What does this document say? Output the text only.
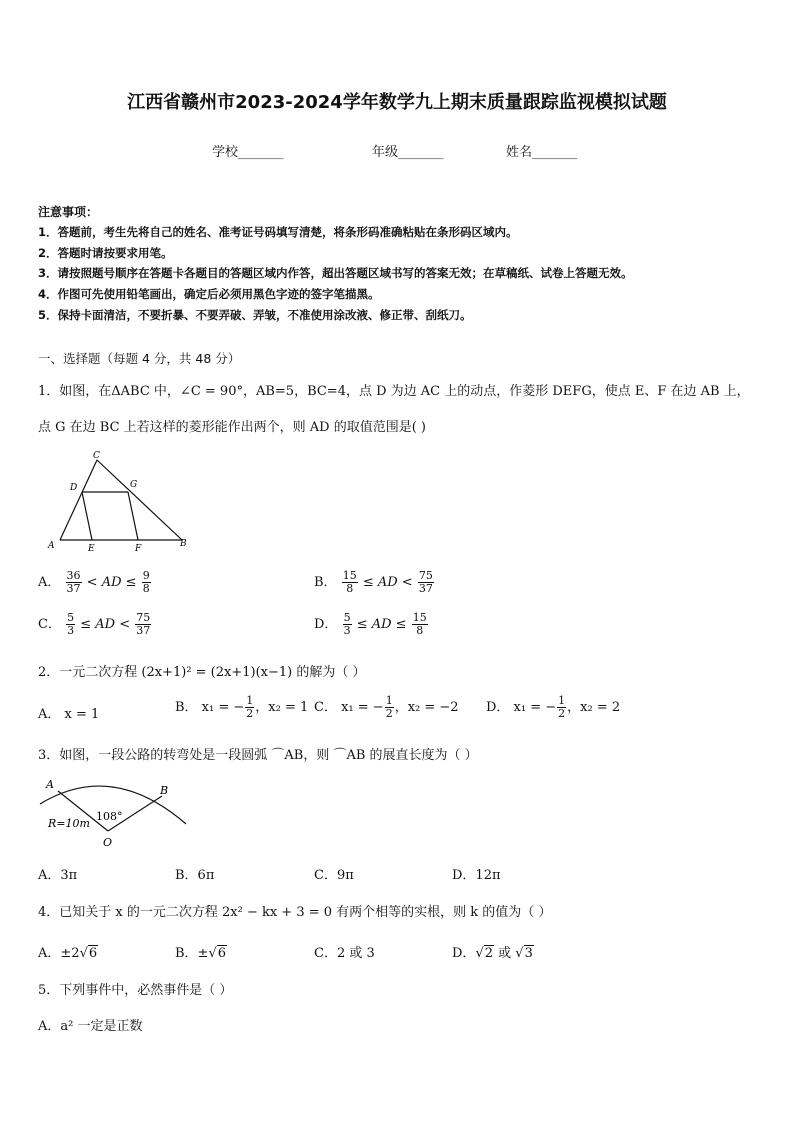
江西省赣州市2023-2024学年数学九上期末质量跟踪监视模拟试题
学校_______	年级_______	姓名_______
注意事项：
1．答题前，考生先将自己的姓名、准考证号码填写清楚，将条形码准确粘贴在条形码区域内。
2．答题时请按要求用笔。
3．请按照题号顺序在答题卡各题目的答题区域内作答，超出答题区域书写的答案无效；在草稿纸、试卷上答题无效。
4．作图可先使用铅笔画出，确定后必须用黑色字迹的签字笔描黑。
5．保持卡面清洁，不要折暴、不要弄破、弄皱，不准使用涂改液、修正带、刮纸刀。
一、选择题（每题 4 分，共 48 分）
1．如图，在ΔABC 中，∠C = 90°，AB=5，BC=4，点 D 为边 AC 上的动点，作菱形 DEFG，使点 E、F 在边 AB 上，
点 G 在边 BC 上若这样的菱形能作出两个，则 AD 的取值范围是( )
C
D	G
A	E	F	B
A． $\frac{36}{37}$ < AD ≤ $\frac{9}{8}$	B． $\frac{15}{8}$ ≤ AD < $\frac{75}{37}$
C． $\frac{5}{3}$ ≤ AD < $\frac{75}{37}$	D． $\frac{5}{3}$ ≤ AD ≤ $\frac{15}{8}$
2．一元二次方程 (2x+1)² = (2x+1)(x−1) 的解为（ ）
A． x = 1	B． x₁ = − $\frac{1}{2}$ ，x₂ = 1 C． x₁ = − $\frac{1}{2}$ ，x₂ = −2 D． x₁ = − $\frac{1}{2}$ ，x₂ = 2
3．如图，一段公路的转弯处是一段圆弧 ⌒AB，则 ⌒AB 的展直长度为（ ）
A	B
R=10m
108°
O
A．3π	B．6π	C．9π	D．12π
4．已知关于 x 的一元二次方程 2x² − kx + 3 = 0 有两个相等的实根，则 k 的值为（ ）
A．±2√6	B．±√6	C．2 或 3	D．√2 或 √3
5．下列事件中，必然事件是（ ）
A．a² 一定是正数
